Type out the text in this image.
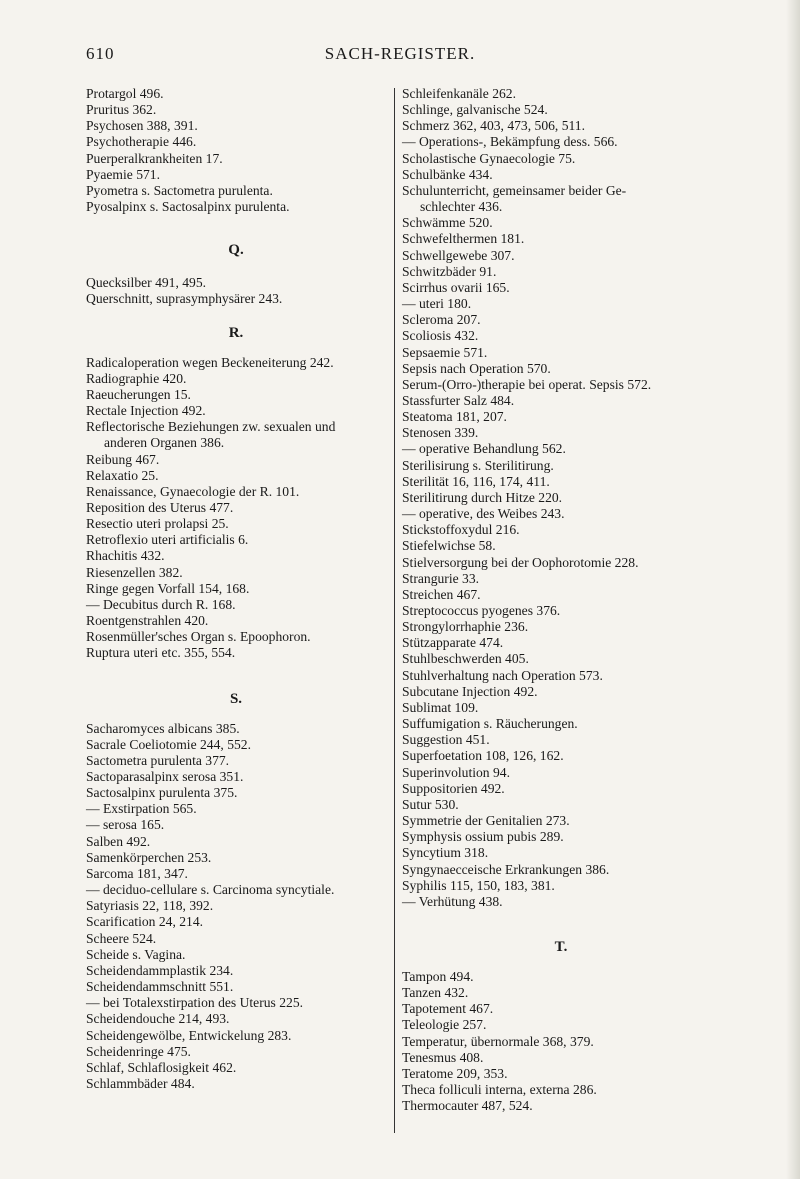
610	SACH-REGISTER.
Protargol 496.
Pruritus 362.
Psychosen 388, 391.
Psychotherapie 446.
Puerperalkrankheiten 17.
Pyaemie 571.
Pyometra s. Sactometra purulenta.
Pyosalpinx s. Sactosalpinx purulenta.
Q.
Quecksilber 491, 495.
Querschnitt, suprasymphysärer 243.
R.
Radicaloperation wegen Beckeneiterung 242.
Radiographie 420.
Raeucherungen 15.
Rectale Injection 492.
Reflectorische Beziehungen zw. sexualen und
anderen Organen 386.
Reibung 467.
Relaxatio 25.
Renaissance, Gynaecologie der R. 101.
Reposition des Uterus 477.
Resectio uteri prolapsi 25.
Retroflexio uteri artificialis 6.
Rhachitis 432.
Riesenzellen 382.
Ringe gegen Vorfall 154, 168.
— Decubitus durch R. 168.
Roentgenstrahlen 420.
Rosenmüller'sches Organ s. Epoophoron.
Ruptura uteri etc. 355, 554.
S.
Sacharomyces albicans 385.
Sacrale Coeliotomie 244, 552.
Sactometra purulenta 377.
Sactoparasalpinx serosa 351.
Sactosalpinx purulenta 375.
— Exstirpation 565.
— serosa 165.
Salben 492.
Samenkörperchen 253.
Sarcoma 181, 347.
— deciduo-cellulare s. Carcinoma syncytiale.
Satyriasis 22, 118, 392.
Scarification 24, 214.
Scheere 524.
Scheide s. Vagina.
Scheidendammplastik 234.
Scheidendammschnitt 551.
— bei Totalexstirpation des Uterus 225.
Scheidendouche 214, 493.
Scheidengewölbe, Entwickelung 283.
Scheidenringe 475.
Schlaf, Schlaflosigkeit 462.
Schlammbäder 484.
Schleifenkanäle 262.
Schlinge, galvanische 524.
Schmerz 362, 403, 473, 506, 511.
— Operations-, Bekämpfung dess. 566.
Scholastische Gynaecologie 75.
Schulbänke 434.
Schulunterricht, gemeinsamer beider Ge-
schlechter 436.
Schwämme 520.
Schwefelthermen 181.
Schwellgewebe 307.
Schwitzbäder 91.
Scirrhus ovarii 165.
— uteri 180.
Scleroma 207.
Scoliosis 432.
Sepsaemie 571.
Sepsis nach Operation 570.
Serum-(Orro-)therapie bei operat. Sepsis 572.
Stassfurter Salz 484.
Steatoma 181, 207.
Stenosen 339.
— operative Behandlung 562.
Sterilisirung s. Sterilitirung.
Sterilität 16, 116, 174, 411.
Sterilitirung durch Hitze 220.
— operative, des Weibes 243.
Stickstoffoxydul 216.
Stiefelwichse 58.
Stielversorgung bei der Oophorotomie 228.
Strangurie 33.
Streichen 467.
Streptococcus pyogenes 376.
Strongylorrhaphie 236.
Stützapparate 474.
Stuhlbeschwerden 405.
Stuhlverhaltung nach Operation 573.
Subcutane Injection 492.
Sublimat 109.
Suffumigation s. Räucherungen.
Suggestion 451.
Superfoetation 108, 126, 162.
Superinvolution 94.
Suppositorien 492.
Sutur 530.
Symmetrie der Genitalien 273.
Symphysis ossium pubis 289.
Syncytium 318.
Syngynaecceische Erkrankungen 386.
Syphilis 115, 150, 183, 381.
— Verhütung 438.
T.
Tampon 494.
Tanzen 432.
Tapotement 467.
Teleologie 257.
Temperatur, übernormale 368, 379.
Tenesmus 408.
Teratome 209, 353.
Theca folliculi interna, externa 286.
Thermocauter 487, 524.
